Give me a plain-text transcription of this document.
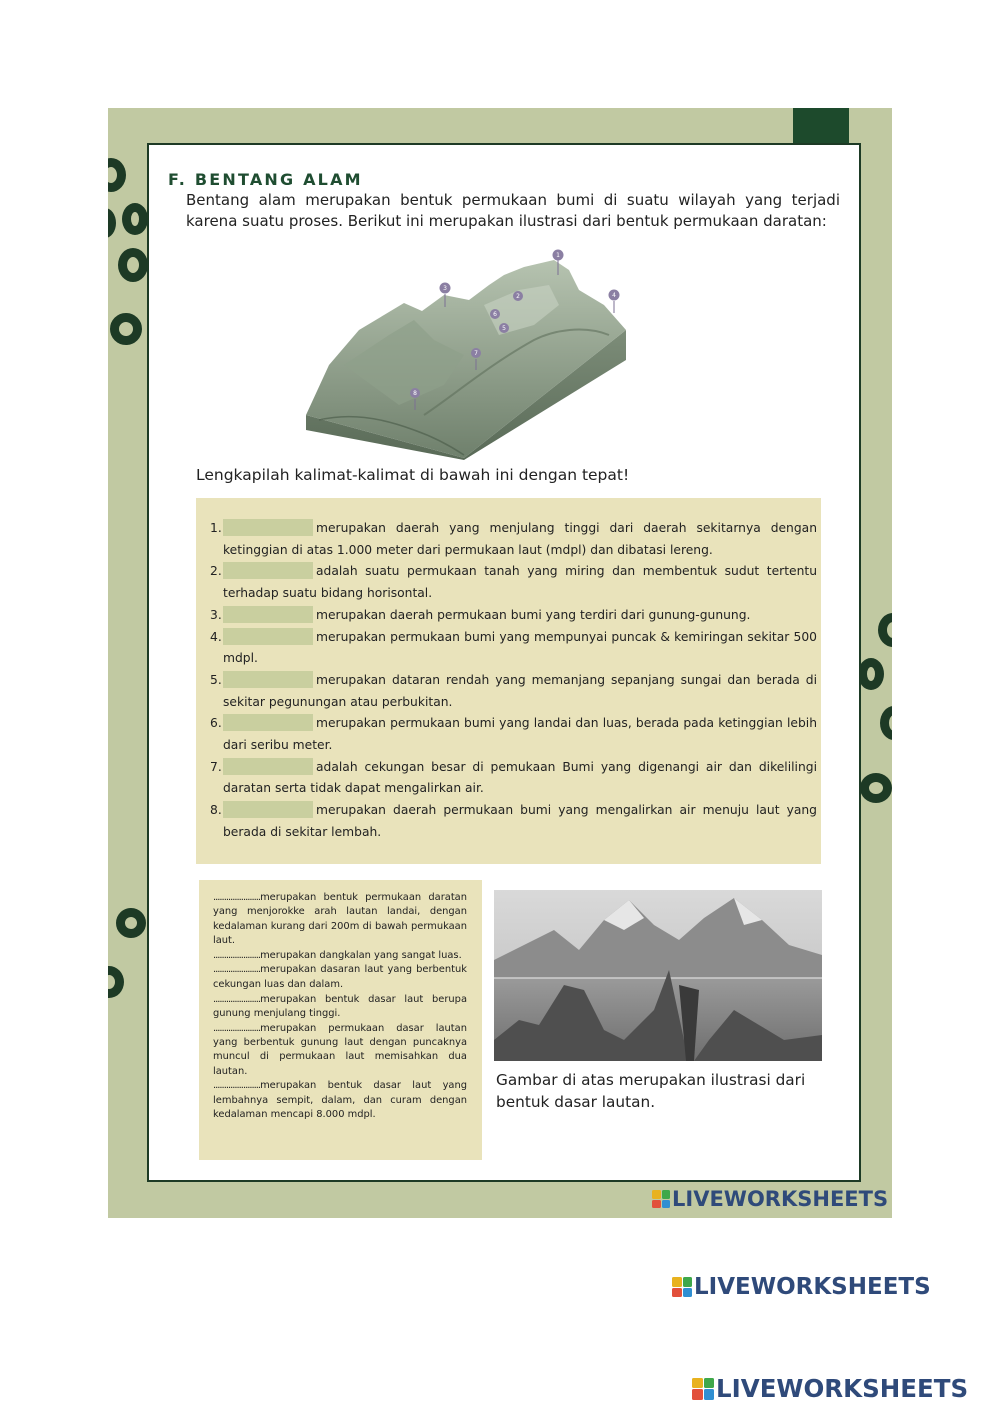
F. BENTANG ALAM

Bentang alam merupakan bentuk permukaan bumi di suatu wilayah yang terjadi karena suatu proses. Berikut ini merupakan ilustrasi dari bentuk permukaan daratan:

1
2
3
4
5
6
7
8

Lengkapilah kalimat-kalimat di bawah ini dengan tepat!

1.	merupakan daerah yang menjulang tinggi dari daerah sekitarnya dengan ketinggian di atas 1.000 meter dari permukaan laut (mdpl) dan dibatasi lereng.
2.	adalah suatu permukaan tanah yang miring dan membentuk sudut tertentu terhadap suatu bidang horisontal.
3.	merupakan daerah permukaan bumi yang terdiri dari gunung-gunung.
4.	merupakan permukaan bumi yang mempunyai puncak & kemiringan sekitar 500 mdpl.
5.	merupakan dataran rendah yang memanjang sepanjang sungai dan berada di sekitar pegunungan atau perbukitan.
6.	merupakan permukaan bumi yang landai dan luas, berada pada ketinggian lebih dari seribu meter.
7.	adalah cekungan besar di pemukaan Bumi yang digenangi air dan dikelilingi daratan serta tidak dapat mengalirkan air.
8.	merupakan daerah permukaan bumi yang mengalirkan air menuju laut yang berada di sekitar lembah.
......................merupakan bentuk permukaan daratan yang menjorokke arah lautan landai, dengan kedalaman kurang dari 200m di bawah permukaan laut.
......................merupakan dangkalan yang sangat luas.
......................merupakan dasaran laut yang berbentuk cekungan luas dan dalam.
......................merupakan bentuk dasar laut berupa gunung menjulang tinggi.
......................merupakan permukaan dasar lautan yang berbentuk gunung laut dengan puncaknya muncul di permukaan laut memisahkan dua lautan.
......................merupakan bentuk dasar laut yang lembahnya sempit, dalam, dan curam dengan kedalaman mencapi 8.000 mdpl.

Gambar di atas merupakan ilustrasi dari bentuk dasar lautan.

LIVEWORKSHEETS
LIVEWORKSHEETS
LIVEWORKSHEETS
